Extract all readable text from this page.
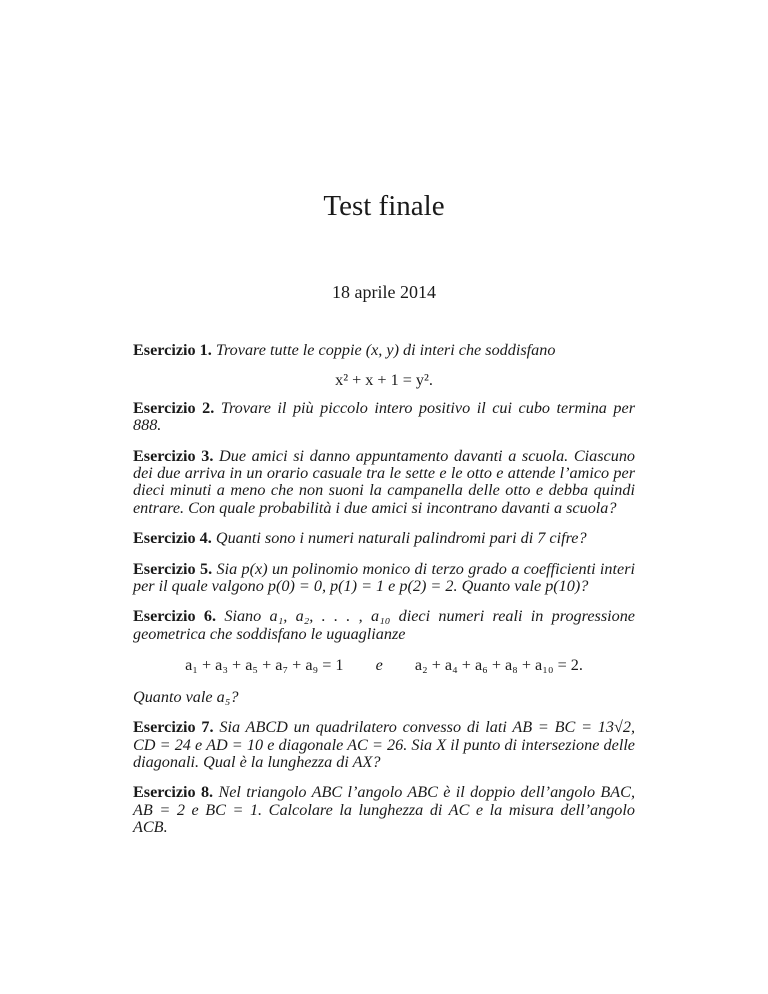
Test finale
18 aprile 2014

Esercizio 1. Trovare tutte le coppie (x, y) di interi che soddisfano

x² + x + 1 = y².

Esercizio 2. Trovare il più piccolo intero positivo il cui cubo termina per 888.

Esercizio 3. Due amici si danno appuntamento davanti a scuola. Ciascuno dei due arriva in un orario casuale tra le sette e le otto e attende l’amico per dieci minuti a meno che non suoni la campanella delle otto e debba quindi entrare. Con quale probabilità i due amici si incontrano davanti a scuola?

Esercizio 4. Quanti sono i numeri naturali palindromi pari di 7 cifre?

Esercizio 5. Sia p(x) un polinomio monico di terzo grado a coefficienti interi per il quale valgono p(0) = 0, p(1) = 1 e p(2) = 2. Quanto vale p(10)?

Esercizio 6. Siano a₁, a₂, . . . , a₁₀ dieci numeri reali in progressione geometrica che soddisfano le uguaglianze

a₁ + a₃ + a₅ + a₇ + a₉ = 1 e a₂ + a₄ + a₆ + a₈ + a₁₀ = 2.

Quanto vale a₅?

Esercizio 7. Sia ABCD un quadrilatero convesso di lati AB = BC = 13√2, CD = 24 e AD = 10 e diagonale AC = 26. Sia X il punto di intersezione delle diagonali. Qual è la lunghezza di AX?

Esercizio 8. Nel triangolo ABC l’angolo ABC è il doppio dell’angolo BAC, AB = 2 e BC = 1. Calcolare la lunghezza di AC e la misura dell’angolo ACB.
